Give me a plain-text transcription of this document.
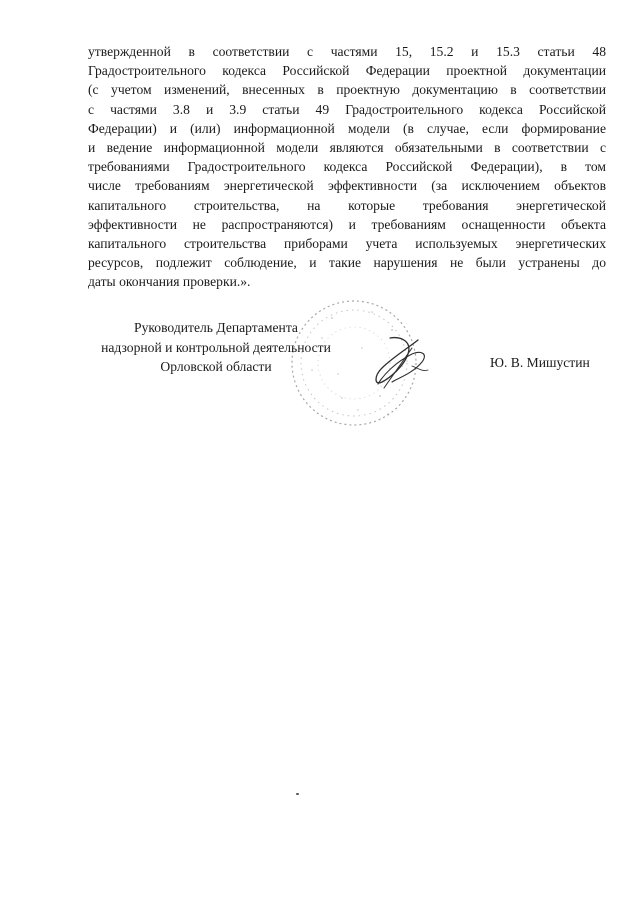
утвержденной в соответствии с частями 15, 15.2 и 15.3 статьи 48
Градостроительного кодекса Российской Федерации проектной документации
(с учетом изменений, внесенных в проектную документацию в соответствии
с частями 3.8 и 3.9 статьи 49 Градостроительного кодекса Российской
Федерации) и (или) информационной модели (в случае, если формирование
и ведение информационной модели являются обязательными в соответствии с
требованиями Градостроительного кодекса Российской Федерации), в том
числе требованиям энергетической эффективности (за исключением объектов
капитального строительства, на которые требования энергетической
эффективности не распространяются) и требованиям оснащенности объекта
капитального строительства приборами учета используемых энергетических
ресурсов, подлежит соблюдение, и такие нарушения не были устранены до
даты окончания проверки.».
Руководитель Департамента
надзорной и контрольной деятельности
Орловской области	Ю. В. Мишустин
